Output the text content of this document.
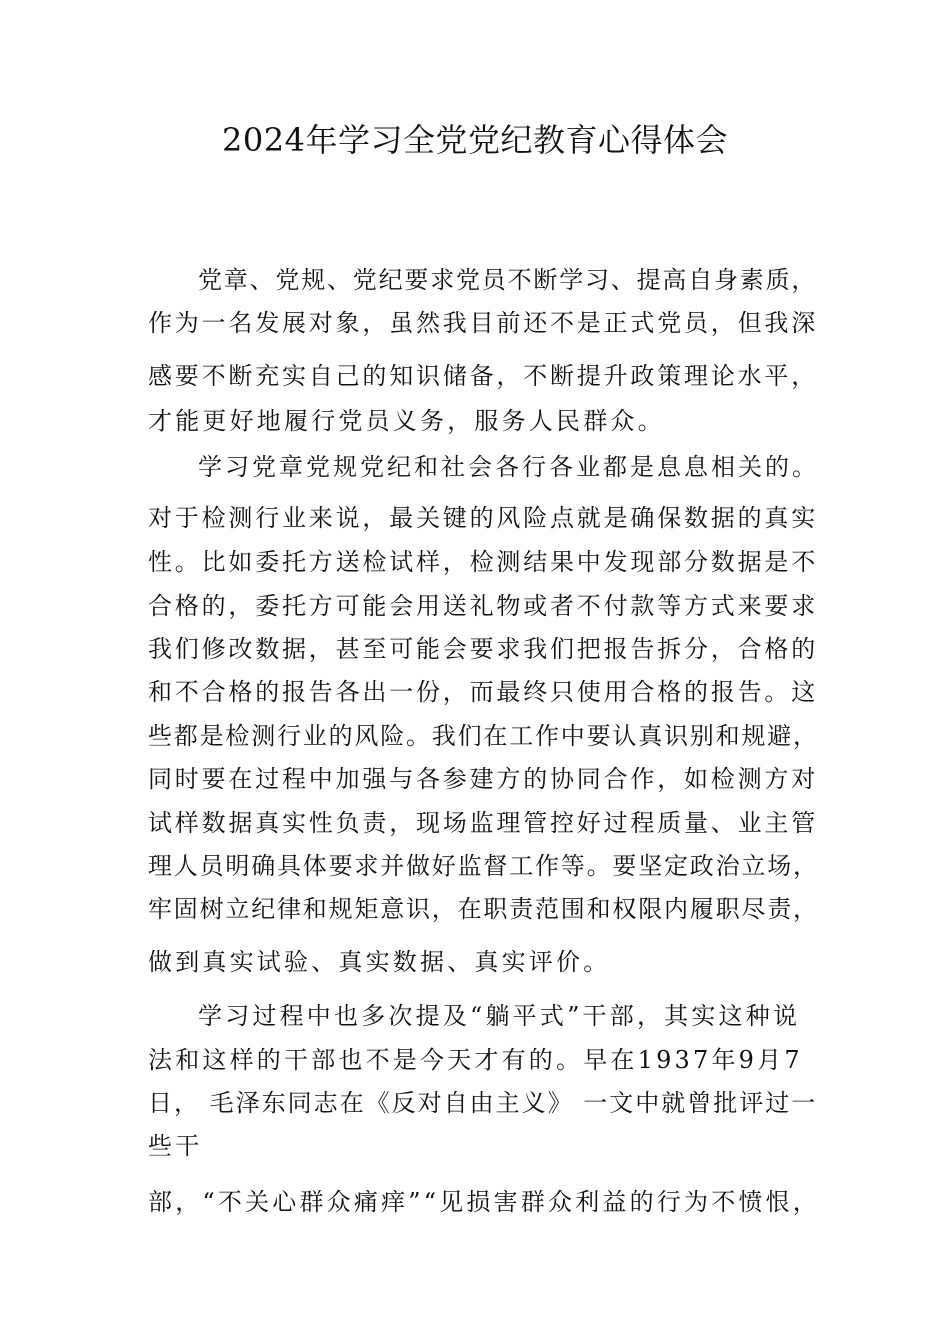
2024年学习全党党纪教育心得体会
党章、党规、党纪要求党员不断学习、提高自身素质，
作为一名发展对象，虽然我目前还不是正式党员，但我深
感要不断充实自己的知识储备，不断提升政策理论水平，
才能更好地履行党员义务，服务人民群众。
学习党章党规党纪和社会各行各业都是息息相关的。
对于检测行业来说，最关键的风险点就是确保数据的真实
性。比如委托方送检试样，检测结果中发现部分数据是不
合格的，委托方可能会用送礼物或者不付款等方式来要求
我们修改数据，甚至可能会要求我们把报告拆分，合格的
和不合格的报告各出一份，而最终只使用合格的报告。这
些都是检测行业的风险。我们在工作中要认真识别和规避，
同时要在过程中加强与各参建方的协同合作，如检测方对
试样数据真实性负责，现场监理管控好过程质量、业主管
理人员明确具体要求并做好监督工作等。要坚定政治立场，
牢固树立纪律和规矩意识，在职责范围和权限内履职尽责，
做到真实试验、真实数据、真实评价。
学习过程中也多次提及“躺平式”干部，其实这种说
法和这样的干部也不是今天才有的。早在1937年9月7
日， 毛泽东同志在《反对自由主义》 一文中就曾批评过一
些干
部，“不关心群众痛痒”“见损害群众利益的行为不愤恨，
